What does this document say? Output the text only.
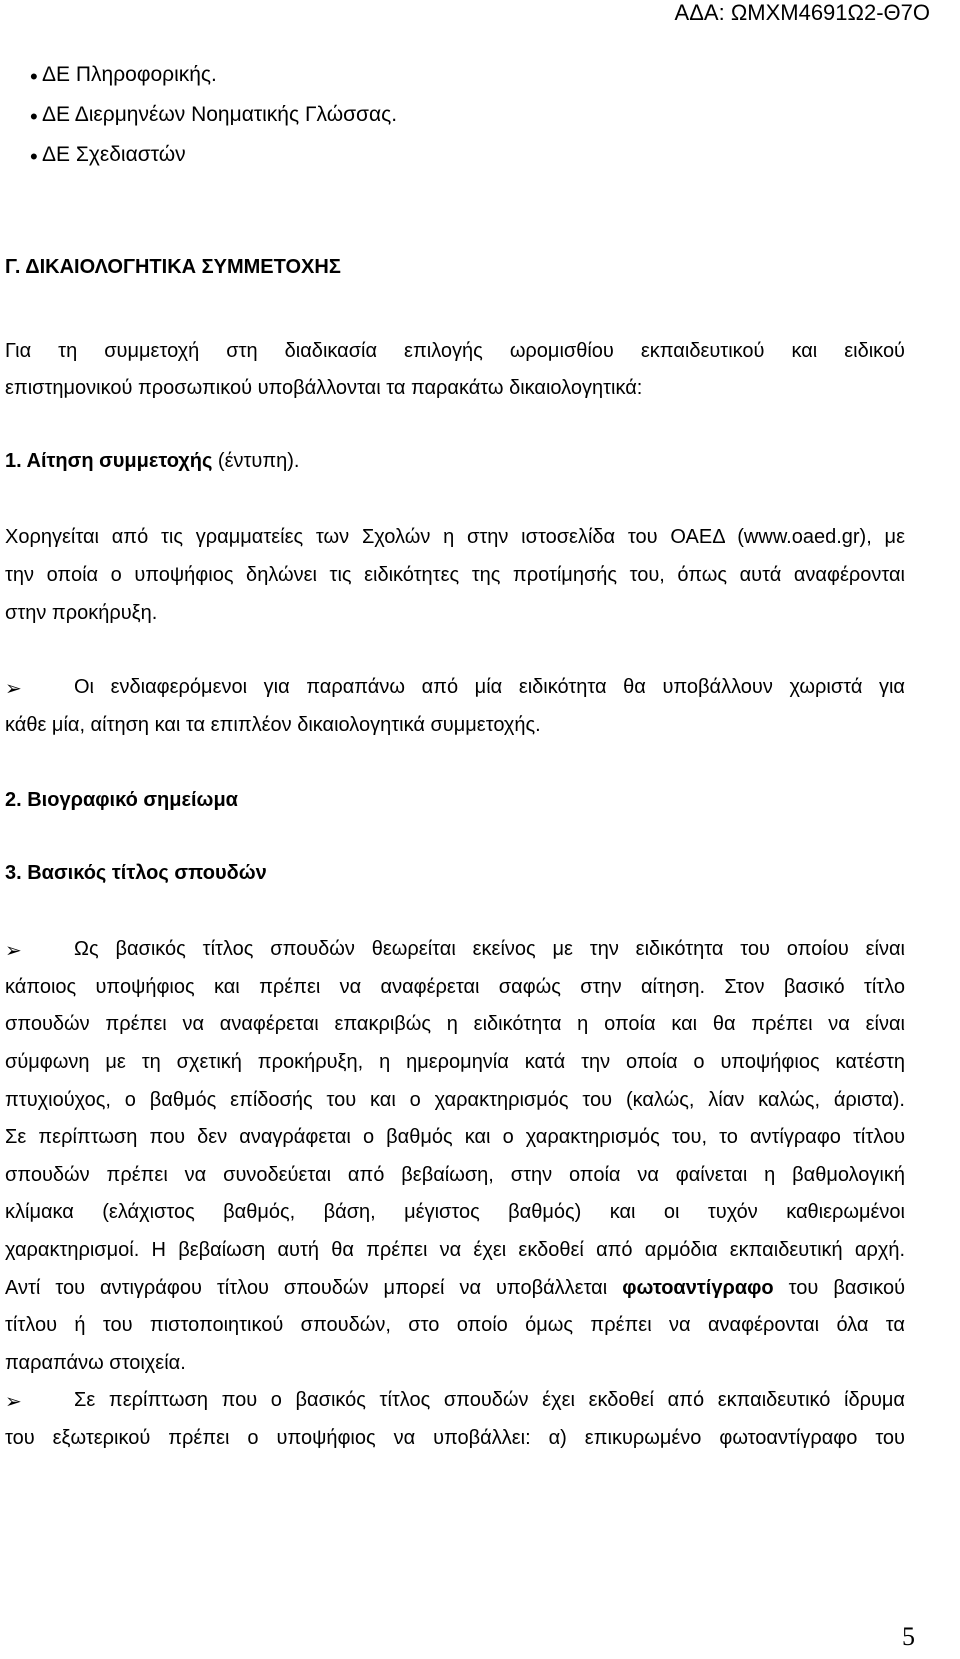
ΑΔΑ: ΩΜΧΜ4691Ω2-Θ7Ο
• ΔΕ Πληροφορικής.
• ΔΕ Διερμηνέων Νοηματικής Γλώσσας.
• ΔΕ Σχεδιαστών
Γ. ΔΙΚΑΙΟΛΟΓΗΤΙΚΑ ΣΥΜΜΕΤΟΧΗΣ
Για τη συμμετοχή στη διαδικασία επιλογής ωρομισθίου εκπαιδευτικού και ειδικού
επιστημονικού προσωπικού υποβάλλονται τα παρακάτω δικαιολογητικά:
1. Αίτηση συμμετοχής (έντυπη).
Χορηγείται από τις γραμματείες των Σχολών η στην ιστοσελίδα του ΟΑΕΔ (www.oaed.gr), με
την οποία ο υποψήφιος δηλώνει τις ειδικότητες της προτίμησής του, όπως αυτά αναφέρονται
στην προκήρυξη.
➢	Οι ενδιαφερόμενοι για παραπάνω από μία ειδικότητα θα υποβάλλουν χωριστά για
κάθε μία, αίτηση και τα επιπλέον δικαιολογητικά συμμετοχής.
2. Βιογραφικό σημείωμα
3. Βασικός τίτλος σπουδών
➢	Ως βασικός τίτλος σπουδών θεωρείται εκείνος με την ειδικότητα του οποίου είναι
κάποιος υποψήφιος και πρέπει να αναφέρεται σαφώς στην αίτηση. Στον βασικό τίτλο
σπουδών πρέπει να αναφέρεται επακριβώς η ειδικότητα η οποία και θα πρέπει να είναι
σύμφωνη με τη σχετική προκήρυξη, η ημερομηνία κατά την οποία ο υποψήφιος κατέστη
πτυχιούχος, ο βαθμός επίδοσής του και ο χαρακτηρισμός του (καλώς, λίαν καλώς, άριστα).
Σε περίπτωση που δεν αναγράφεται ο βαθμός και ο χαρακτηρισμός του, το αντίγραφο τίτλου
σπουδών πρέπει να συνοδεύεται από βεβαίωση, στην οποία να φαίνεται η βαθμολογική
κλίμακα (ελάχιστος βαθμός, βάση, μέγιστος βαθμός) και οι τυχόν καθιερωμένοι
χαρακτηρισμοί. Η βεβαίωση αυτή θα πρέπει να έχει εκδοθεί από αρμόδια εκπαιδευτική αρχή.
Αντί του αντιγράφου τίτλου σπουδών μπορεί να υποβάλλεται φωτοαντίγραφο του βασικού
τίτλου ή του πιστοποιητικού σπουδών, στο οποίο όμως πρέπει να αναφέρονται όλα τα
παραπάνω στοιχεία.
➢	Σε περίπτωση που ο βασικός τίτλος σπουδών έχει εκδοθεί από εκπαιδευτικό ίδρυμα
του εξωτερικού πρέπει ο υποψήφιος να υποβάλλει: α) επικυρωμένο φωτοαντίγραφο του
5
